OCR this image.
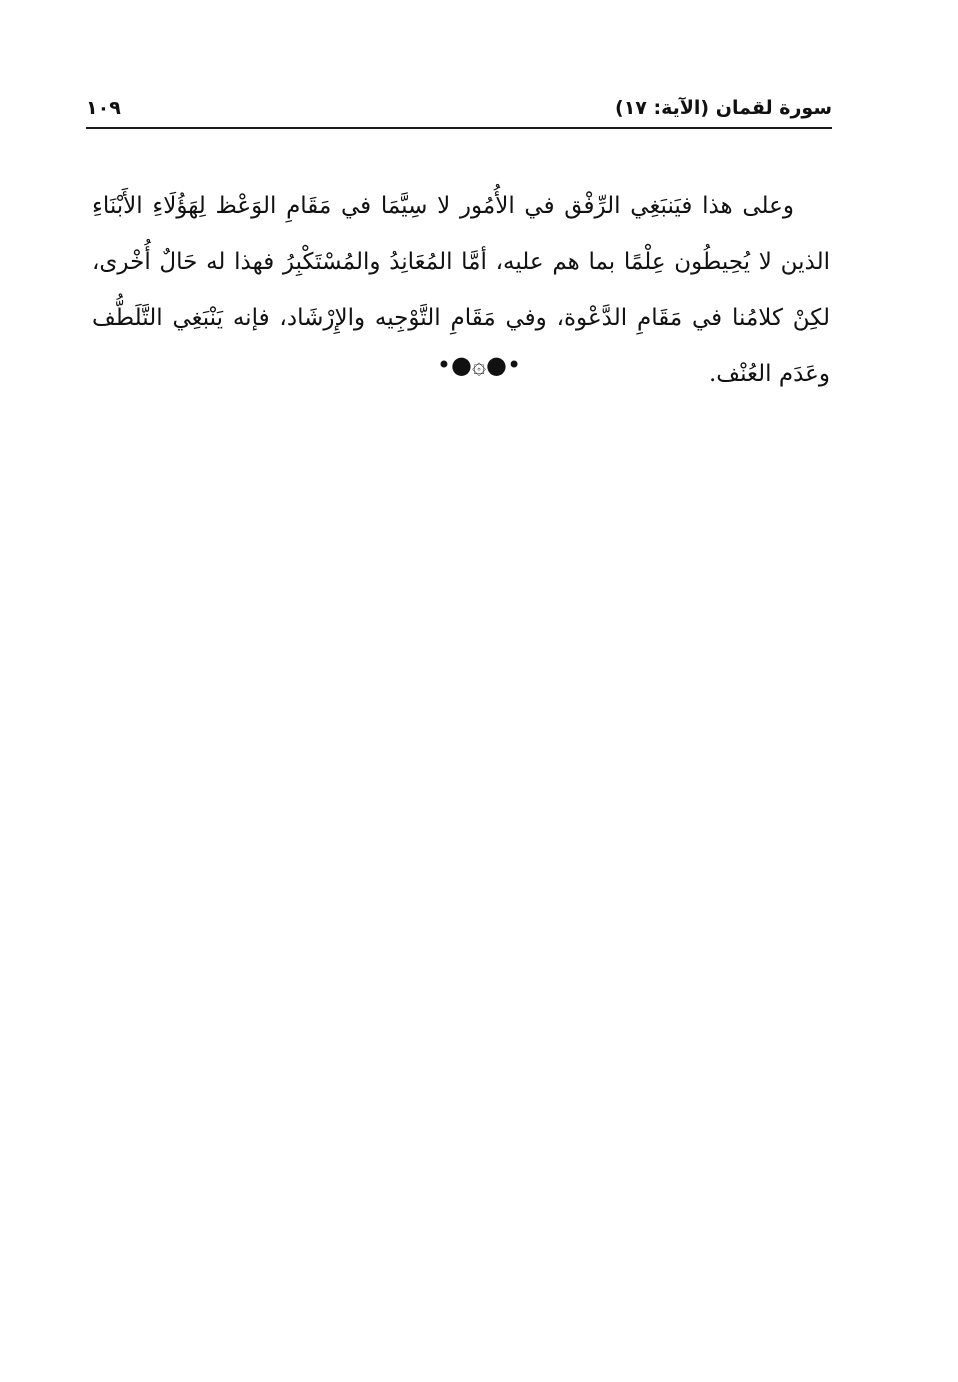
سورة لقمان (الآية: ١٧)
١٠٩

وعلى هذا فيَنبَغِي الرِّفْق في الأُمُور لا سِيَّمَا في مَقَامِ الوَعْظ لِهَؤُلَاءِ الأَبْنَاءِ الذين لا يُحِيطُون عِلْمًا بما هم عليه، أمَّا المُعَانِدُ والمُسْتَكْبِرُ فهذا له حَالٌ أُخْرى، لكِنْ كلامُنا في مَقَامِ الدَّعْوة، وفي مَقَامِ التَّوْجِيه والإِرْشَاد، فإنه يَنْبَغِي التَّلَطُّف وعَدَم العُنْف.

•●۞●•
